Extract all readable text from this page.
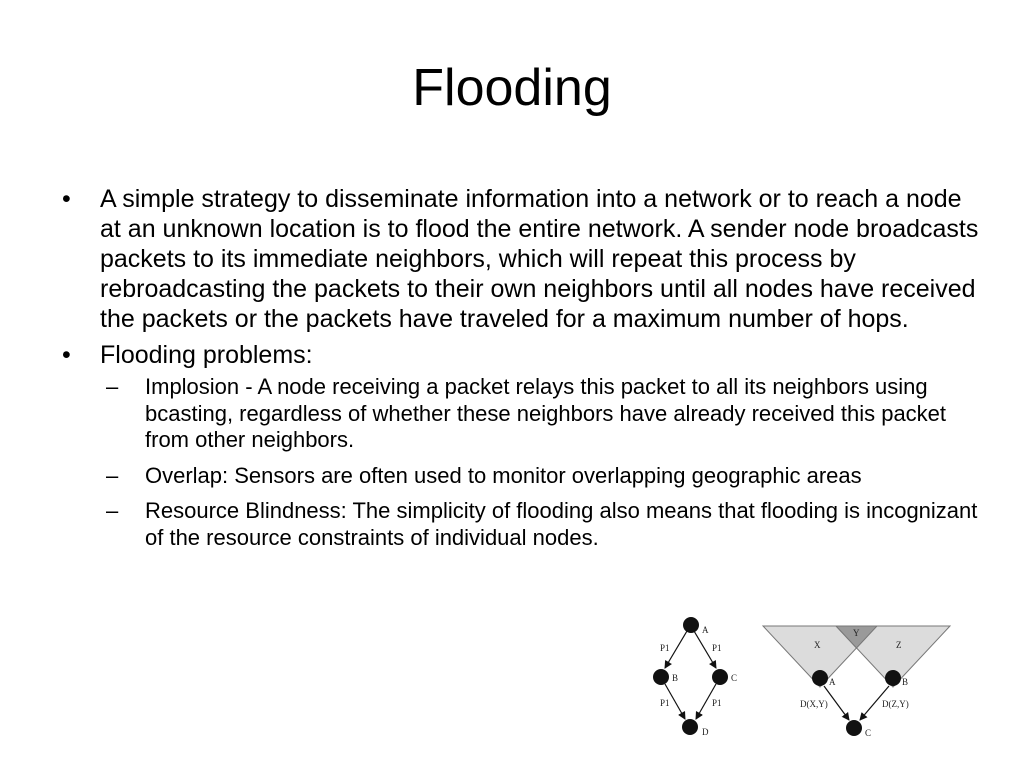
Flooding
• A simple strategy to disseminate information into a network or to reach a node at an unknown location is to flood the entire network. A sender node broadcasts packets to its immediate neighbors, which will repeat this process by rebroadcasting the packets to their own neighbors until all nodes have received the packets or the packets have traveled for a maximum number of hops.
• Flooding problems:
– Implosion - A node receiving a packet relays this packet to all its neighbors using bcasting, regardless of whether these neighbors have already received this packet from other neighbors.
– Overlap: Sensors are often used to monitor overlapping geographic areas
– Resource Blindness: The simplicity of flooding also means that flooding is incognizant of the resource constraints of individual nodes.
A
B	C
D
P1	P1
P1	P1
X
Y
Z
A	B
C
D(X,Y)	D(Z,Y)
